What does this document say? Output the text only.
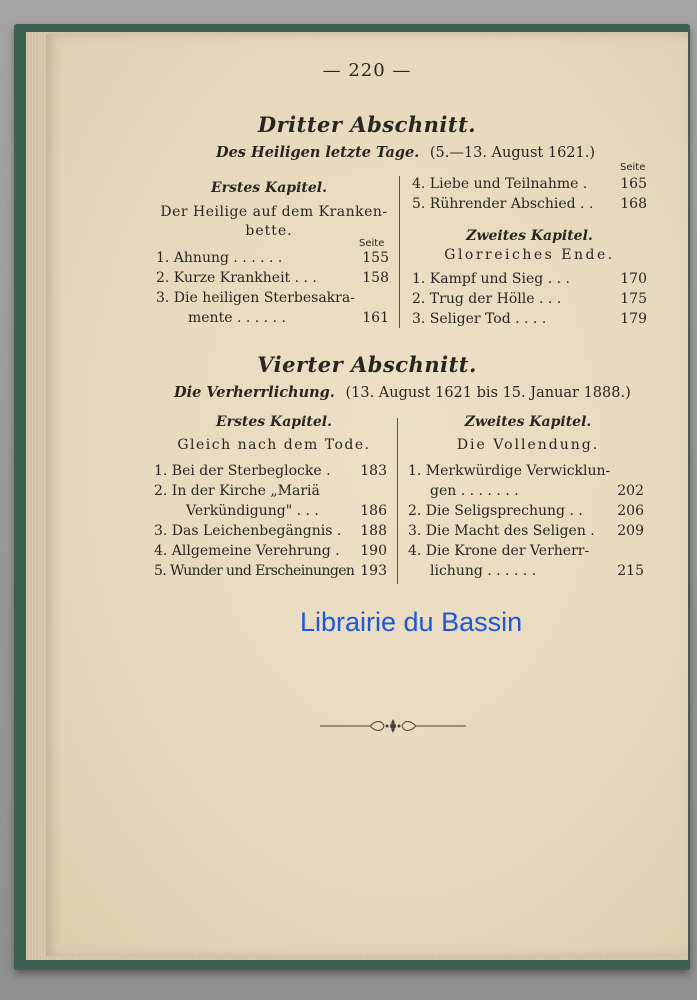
— 220 —
Dritter Abschnitt.
Des Heiligen letzte Tage. (5.—13. August 1621.)
Erstes Kapitel.
Der Heilige auf dem Kranken-
bette.
Seite
1. Ahnung . . . . . .	155
2. Kurze Krankheit . . .	158
3. Die heiligen Sterbesakra-
mente . . . . . .	161
Seite
4. Liebe und Teilnahme .	165
5. Rührender Abschied . .	168
Zweites Kapitel.
Glorreiches Ende.
1. Kampf und Sieg . . .	170
2. Trug der Hölle . . .	175
3. Seliger Tod . . . .	179
Vierter Abschnitt.
Die Verherrlichung. (13. August 1621 bis 15. Januar 1888.)
Erstes Kapitel.
Gleich nach dem Tode.
1. Bei der Sterbeglocke .	183
2. In der Kirche „Mariä
Verkündigung" . . .	186
3. Das Leichenbegängnis .	188
4. Allgemeine Verehrung .	190
5. Wunder und Erscheinungen 193
Zweites Kapitel.
Die Vollendung.
1. Merkwürdige Verwicklun-
gen . . . . . . .	202
2. Die Seligsprechung . .	206
3. Die Macht des Seligen .	209
4. Die Krone der Verherr-
lichung . . . . . .	215
Librairie du Bassin
